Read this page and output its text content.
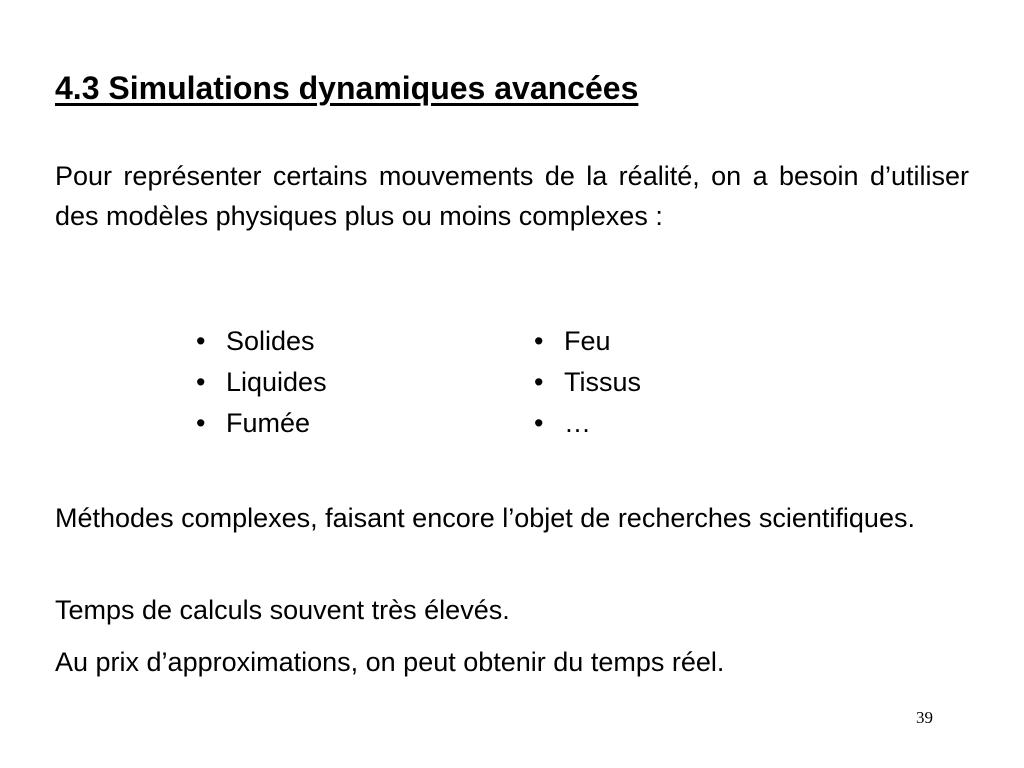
4.3 Simulations dynamiques avancées

Pour représenter certains mouvements de la réalité, on a besoin d’utiliser des modèles physiques plus ou moins complexes :

• Solides
• Liquides
• Fumée
• Feu
• Tissus
• …

Méthodes complexes, faisant encore l’objet de recherches scientifiques.

Temps de calculs souvent très élevés.

Au prix d’approximations, on peut obtenir du temps réel.

39
